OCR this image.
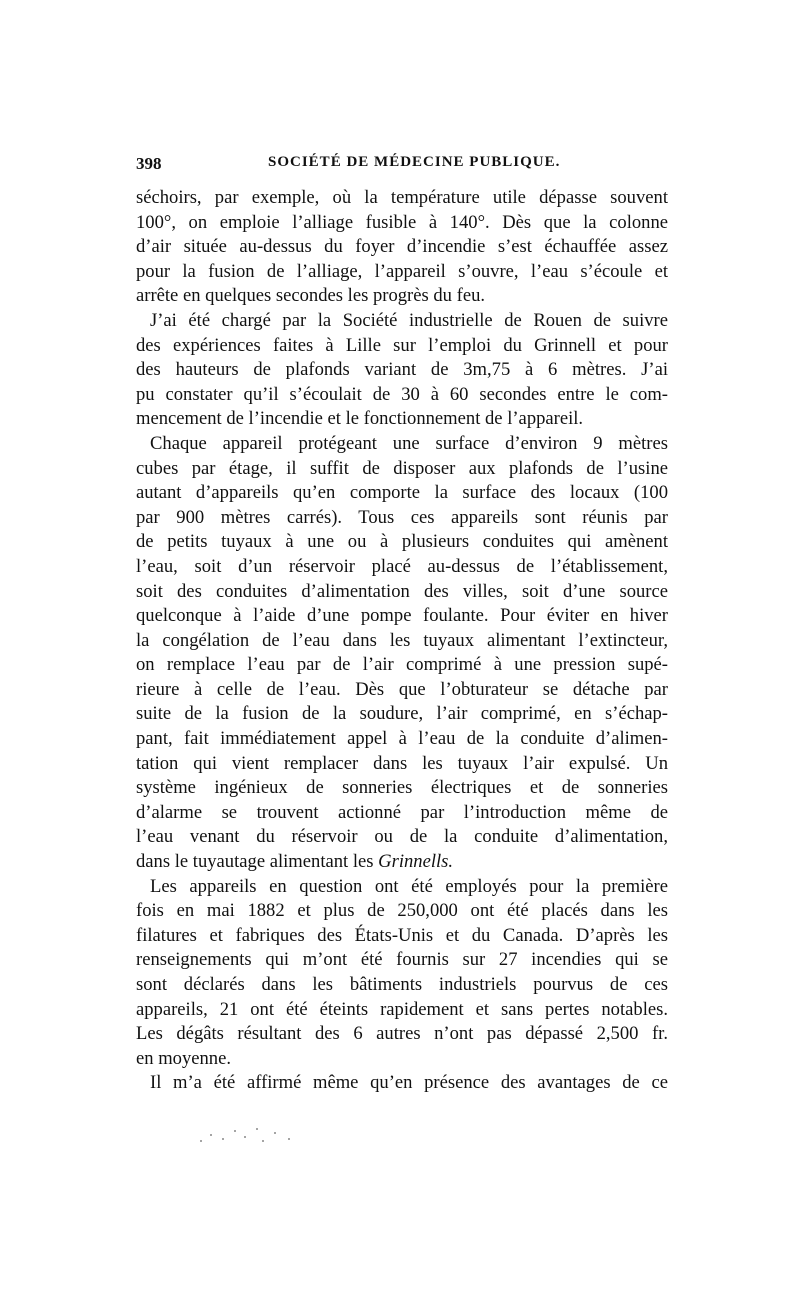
398	SOCIÉTÉ DE MÉDECINE PUBLIQUE.
séchoirs, par exemple, où la température utile dépasse souvent
100°, on emploie l’alliage fusible à 140°. Dès que la colonne
d’air située au-dessus du foyer d’incendie s’est échauffée assez
pour la fusion de l’alliage, l’appareil s’ouvre, l’eau s’écoule et
arrête en quelques secondes les progrès du feu.
J’ai été chargé par la Société industrielle de Rouen de suivre
des expériences faites à Lille sur l’emploi du Grinnell et pour
des hauteurs de plafonds variant de 3m,75 à 6 mètres. J’ai
pu constater qu’il s’écoulait de 30 à 60 secondes entre le com-
mencement de l’incendie et le fonctionnement de l’appareil.
Chaque appareil protégeant une surface d’environ 9 mètres
cubes par étage, il suffit de disposer aux plafonds de l’usine
autant d’appareils qu’en comporte la surface des locaux (100
par 900 mètres carrés). Tous ces appareils sont réunis par
de petits tuyaux à une ou à plusieurs conduites qui amènent
l’eau, soit d’un réservoir placé au-dessus de l’établissement,
soit des conduites d’alimentation des villes, soit d’une source
quelconque à l’aide d’une pompe foulante. Pour éviter en hiver
la congélation de l’eau dans les tuyaux alimentant l’extincteur,
on remplace l’eau par de l’air comprimé à une pression supé-
rieure à celle de l’eau. Dès que l’obturateur se détache par
suite de la fusion de la soudure, l’air comprimé, en s’échap-
pant, fait immédiatement appel à l’eau de la conduite d’alimen-
tation qui vient remplacer dans les tuyaux l’air expulsé. Un
système ingénieux de sonneries électriques et de sonneries
d’alarme se trouvent actionné par l’introduction même de
l’eau venant du réservoir ou de la conduite d’alimentation,
dans le tuyautage alimentant les Grinnells.
Les appareils en question ont été employés pour la première
fois en mai 1882 et plus de 250,000 ont été placés dans les
filatures et fabriques des États-Unis et du Canada. D’après les
renseignements qui m’ont été fournis sur 27 incendies qui se
sont déclarés dans les bâtiments industriels pourvus de ces
appareils, 21 ont été éteints rapidement et sans pertes notables.
Les dégâts résultant des 6 autres n’ont pas dépassé 2,500 fr.
en moyenne.
Il m’a été affirmé même qu’en présence des avantages de ce
